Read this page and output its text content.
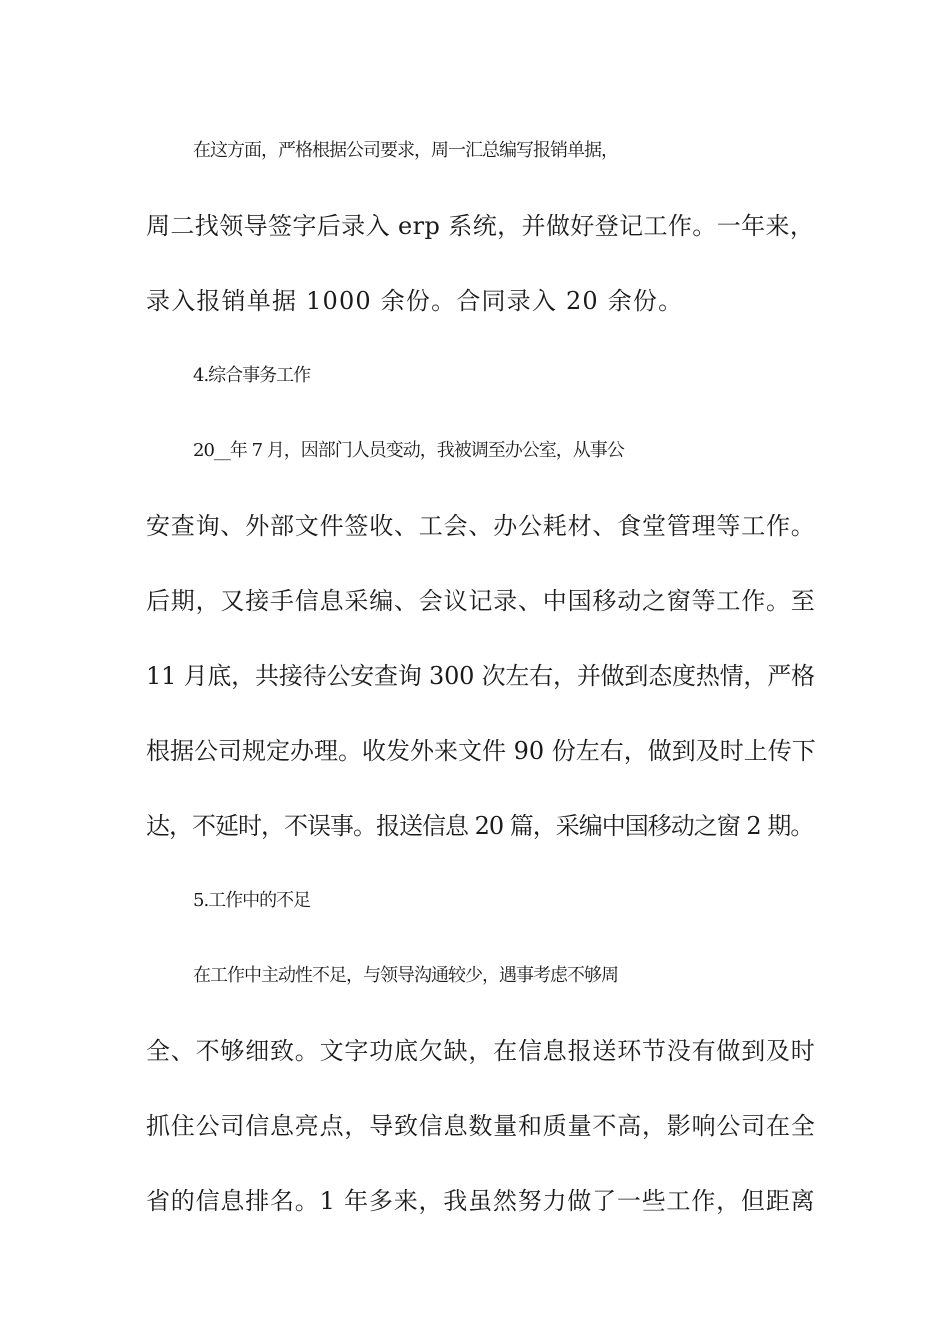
在这方面，严格根据公司要求，周一汇总编写报销单据，
周二找领导签字后录入 erp 系统，并做好登记工作。一年来，
录入报销单据 1000 余份。合同录入 20 余份。
4.综合事务工作
20__年 7 月，因部门人员变动，我被调至办公室，从事公
安查询、外部文件签收、工会、办公耗材、食堂管理等工作。
后期，又接手信息采编、会议记录、中国移动之窗等工作。至
11 月底，共接待公安查询 300 次左右，并做到态度热情，严格
根据公司规定办理。收发外来文件 90 份左右，做到及时上传下
达，不延时，不误事。报送信息 20 篇，采编中国移动之窗 2 期。
5.工作中的不足
在工作中主动性不足，与领导沟通较少，遇事考虑不够周
全、不够细致。文字功底欠缺，在信息报送环节没有做到及时
抓住公司信息亮点，导致信息数量和质量不高，影响公司在全
省的信息排名。1 年多来，我虽然努力做了一些工作，但距离
